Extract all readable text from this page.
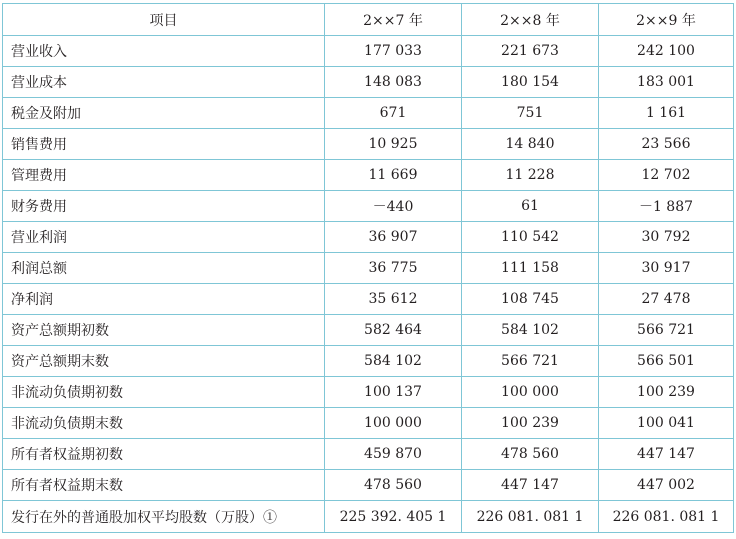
项目	2××7 年	2××8 年	2××9 年
营业收入	177 033	221 673	242 100
营业成本	148 083	180 154	183 001
税金及附加	671	751	1 161
销售费用	10 925	14 840	23 566
管理费用	11 669	11 228	12 702
财务费用	－440	61	－1 887
营业利润	36 907	110 542	30 792
利润总额	36 775	111 158	30 917
净利润	35 612	108 745	27 478
资产总额期初数	582 464	584 102	566 721
资产总额期末数	584 102	566 721	566 501
非流动负债期初数	100 137	100 000	100 239
非流动负债期末数	100 000	100 239	100 041
所有者权益期初数	459 870	478 560	447 147
所有者权益期末数	478 560	447 147	447 002
发行在外的普通股加权平均股数（万股）①	225 392. 405 1	226 081. 081 1	226 081. 081 1
